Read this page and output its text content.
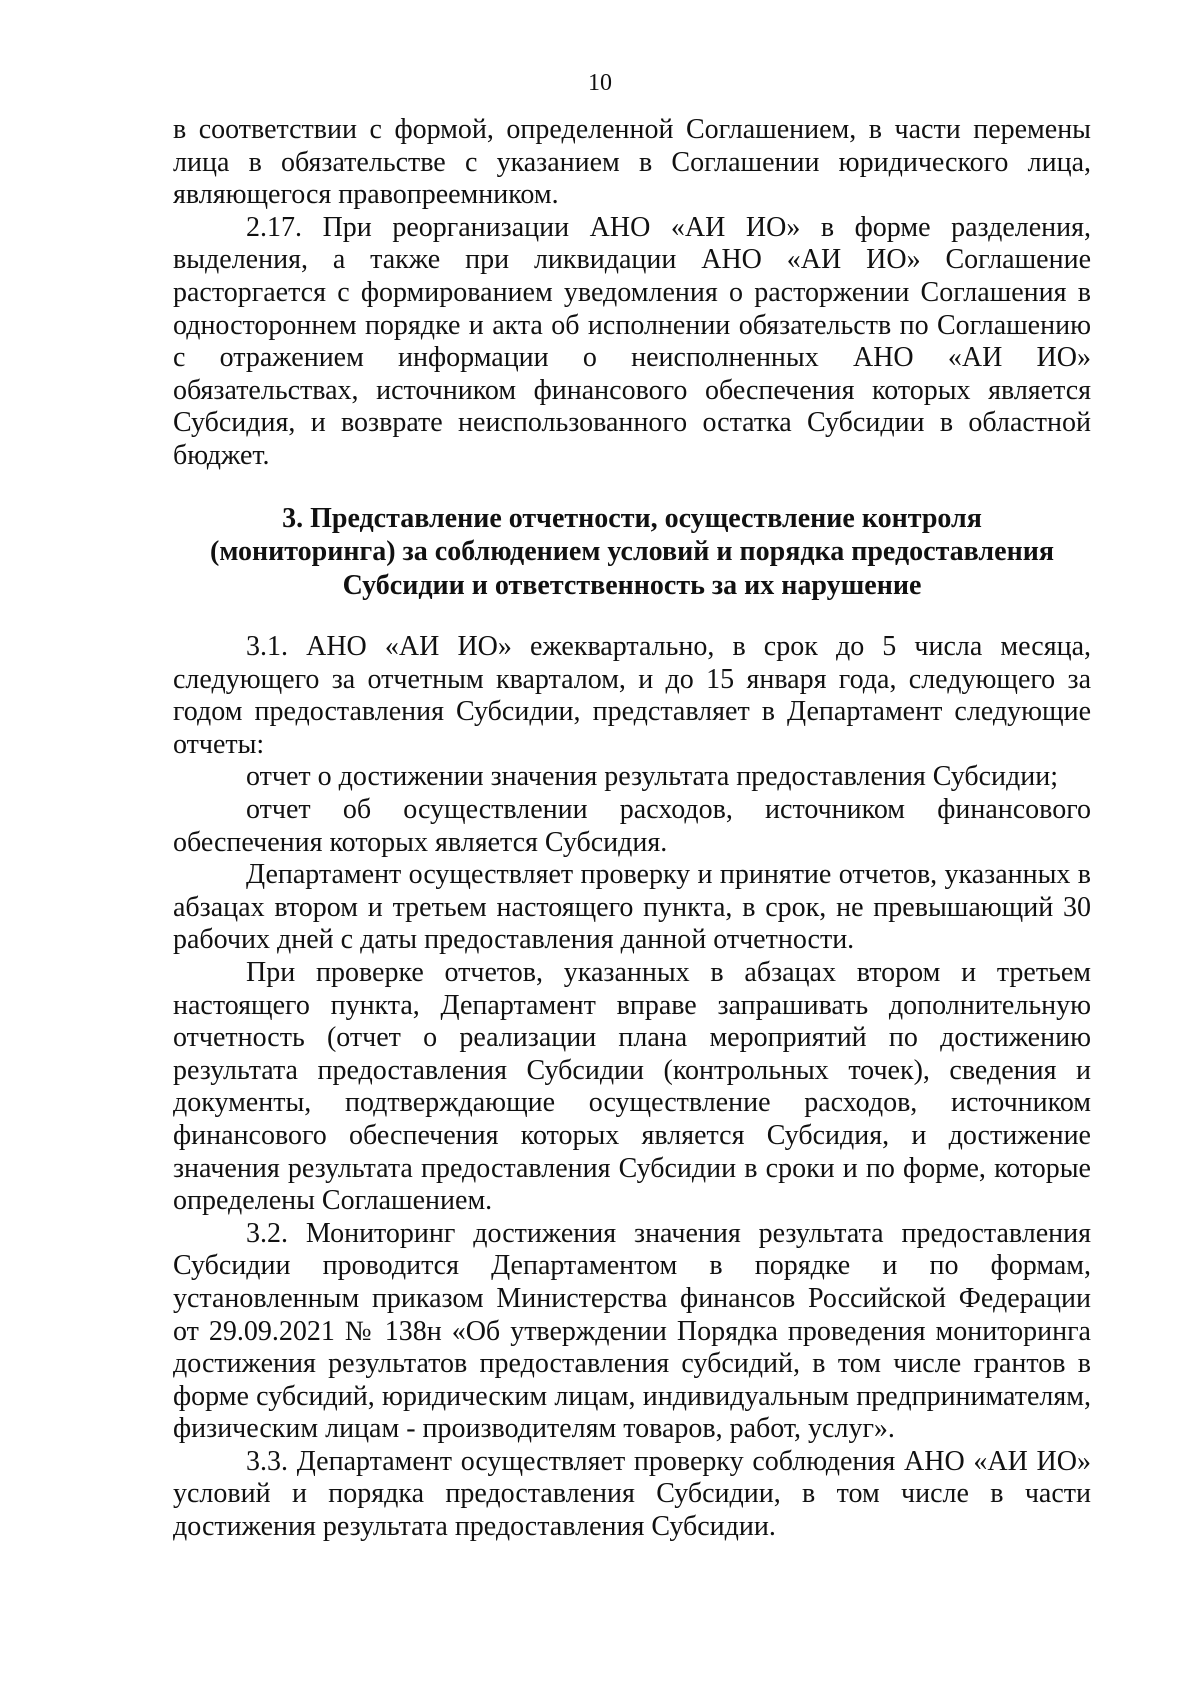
10

в соответствии с формой, определенной Соглашением, в части перемены лица в обязательстве с указанием в Соглашении юридического лица, являющегося правопреемником.

2.17. При реорганизации АНО «АИ ИО» в форме разделения, выделения, а также при ликвидации АНО «АИ ИО» Соглашение расторгается с формированием уведомления о расторжении Соглашения в одностороннем порядке и акта об исполнении обязательств по Соглашению с отражением информации о неисполненных АНО «АИ ИО» обязательствах, источником финансового обеспечения которых является Субсидия, и возврате неиспользованного остатка Субсидии в областной бюджет.

3. Представление отчетности, осуществление контроля
(мониторинга) за соблюдением условий и порядка предоставления
Субсидии и ответственность за их нарушение

3.1. АНО «АИ ИО» ежеквартально, в срок до 5 числа месяца, следующего за отчетным кварталом, и до 15 января года, следующего за годом предоставления Субсидии, представляет в Департамент следующие отчеты:

отчет о достижении значения результата предоставления Субсидии;

отчет об осуществлении расходов, источником финансового обеспечения которых является Субсидия.

Департамент осуществляет проверку и принятие отчетов, указанных в абзацах втором и третьем настоящего пункта, в срок, не превышающий 30 рабочих дней с даты предоставления данной отчетности.

При проверке отчетов, указанных в абзацах втором и третьем настоящего пункта, Департамент вправе запрашивать дополнительную отчетность (отчет о реализации плана мероприятий по достижению результата предоставления Субсидии (контрольных точек), сведения и документы, подтверждающие осуществление расходов, источником финансового обеспечения которых является Субсидия, и достижение значения результата предоставления Субсидии в сроки и по форме, которые определены Соглашением.

3.2. Мониторинг достижения значения результата предоставления Субсидии проводится Департаментом в порядке и по формам, установленным приказом Министерства финансов Российской Федерации от 29.09.2021 № 138н «Об утверждении Порядка проведения мониторинга достижения результатов предоставления субсидий, в том числе грантов в форме субсидий, юридическим лицам, индивидуальным предпринимателям, физическим лицам - производителям товаров, работ, услуг».

3.3. Департамент осуществляет проверку соблюдения АНО «АИ ИО» условий и порядка предоставления Субсидии, в том числе в части достижения результата предоставления Субсидии.
